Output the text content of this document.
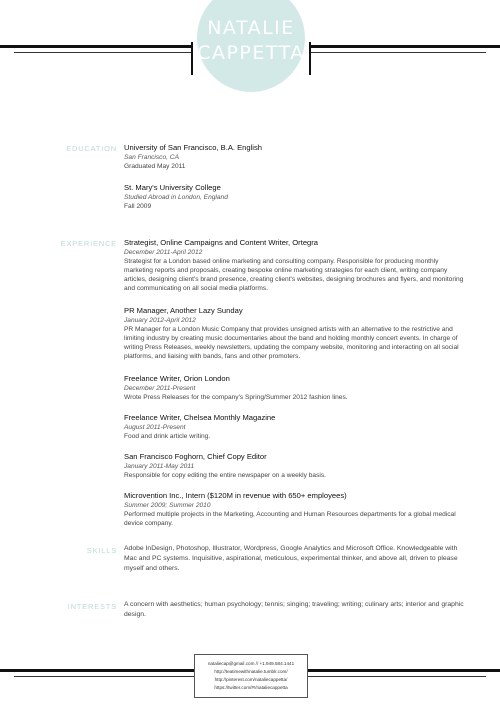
NATALIE
CAPPETTA
EDUCATION University of San Francisco, B.A. English
San Francisco, CA
Graduated May 2011
St. Mary's University College
Studied Abroad in London, England
Fall 2009
EXPERIENCE Strategist, Online Campaigns and Content Writer, Ortegra
December 2011-April 2012
Strategist for a London based online marketing and consulting company. Responsible for producing monthly marketing reports and proposals, creating bespoke online marketing strategies for each client, writing company articles, designing client's brand presence, creating client's websites, designing brochures and flyers, and monitoring and communicating on all social media platforms.
PR Manager, Another Lazy Sunday
January 2012-April 2012
PR Manager for a London Music Company that provides unsigned artists with an alternative to the restrictive and limiting industry by creating music documentaries about the band and holding monthly concert events. In charge of writing Press Releases, weekly newsletters, updating the company website, monitoring and interacting on all social platforms, and liaising with bands, fans and other promoters.
Freelance Writer, Orion London
December 2011-Present
Wrote Press Releases for the company's Spring/Summer 2012 fashion lines.
Freelance Writer, Chelsea Monthly Magazine
August 2011-Present
Food and drink article writing.
San Francisco Foghorn, Chief Copy Editor
January 2011-May 2011
Responsible for copy editing the entire newspaper on a weekly basis.
Microvention Inc., Intern ($120M in revenue with 650+ employees)
Summer 2009; Summer 2010
Performed multiple projects in the Marketing, Accounting and Human Resources departments for a global medical device company.
SKILLS Adobe InDesign, Photoshop, Illustrator, Wordpress, Google Analytics and Microsoft Office. Knowledgeable with Mac and PC systems. Inquisitive, aspirational, meticulous, experimental thinker, and above all, driven to please myself and others.
INTERESTS A concern with aesthetics; human psychology; tennis; singing; traveling; writing; culinary arts; interior and graphic design.
nataliecap@gmail.com // +1.949.584.1441
http://teatimewithnatalie.tumblr.com/
http://pinterest.com/nataliecappetta/
https://twitter.com/#!/nataliecappetta
